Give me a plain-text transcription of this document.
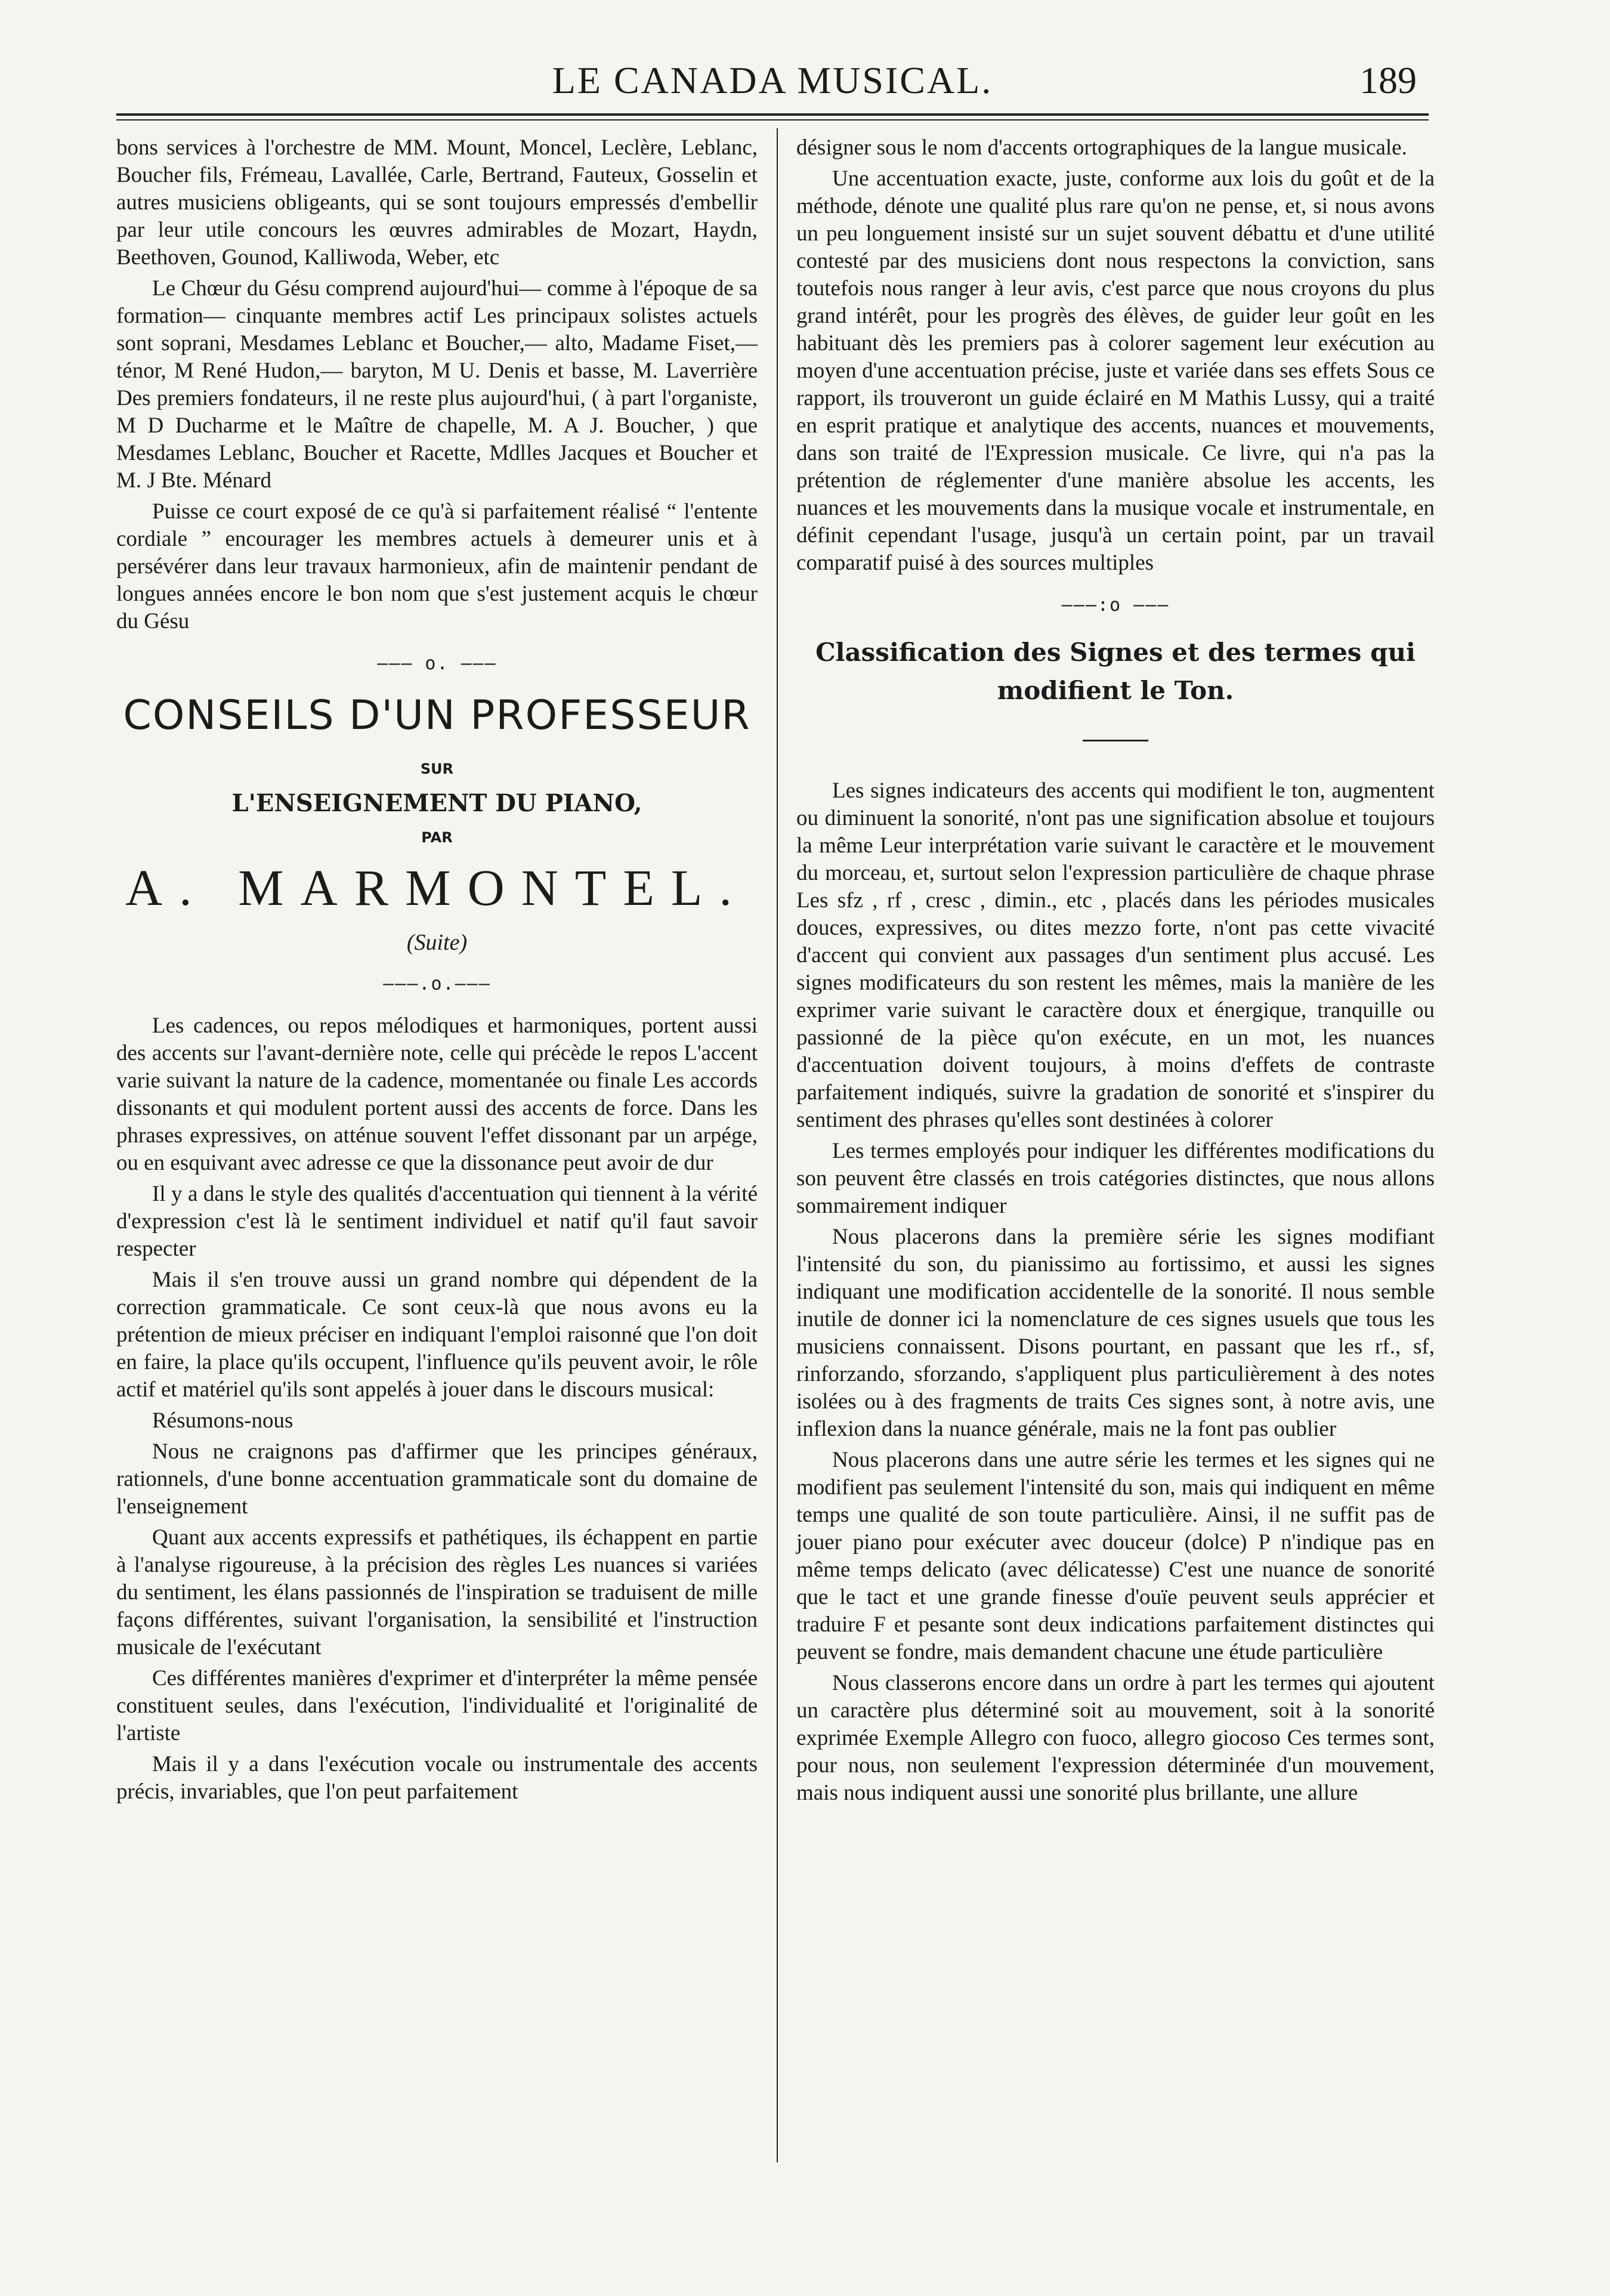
LE CANADA MUSICAL.	189

bons services à l'orchestre de MM. Mount, Moncel, Leclère, Leblanc, Boucher fils, Frémeau, Lavallée, Carle, Bertrand, Fauteux, Gosselin et autres musiciens obligeants, qui se sont toujours empressés d'embellir par leur utile concours les œuvres admirables de Mozart, Haydn, Beethoven, Gounod, Kalliwoda, Weber, etc

Le Chœur du Gésu comprend aujourd'hui— comme à l'époque de sa formation— cinquante membres actif Les principaux solistes actuels sont soprani, Mesdames Leblanc et Boucher,— alto, Madame Fiset,— ténor, M René Hudon,— baryton, M U. Denis et basse, M. Laverrière Des premiers fondateurs, il ne reste plus aujourd'hui, ( à part l'organiste, M D Ducharme et le Maître de chapelle, M. A J. Boucher, ) que Mesdames Leblanc, Boucher et Racette, Mdlles Jacques et Boucher et M. J Bte. Ménard

Puisse ce court exposé de ce qu'à si parfaitement réalisé “ l'entente cordiale ” encourager les membres actuels à demeurer unis et à persévérer dans leur travaux harmonieux, afin de maintenir pendant de longues années encore le bon nom que s'est justement acquis le chœur du Gésu

——— o. ———
CONSEILS D'UN PROFESSEUR
SUR
L'ENSEIGNEMENT DU PIANO,
PAR
A. MARMONTEL.
(Suite)
———.o.———

Les cadences, ou repos mélodiques et harmoniques, portent aussi des accents sur l'avant-dernière note, celle qui précède le repos L'accent varie suivant la nature de la cadence, momentanée ou finale Les accords dissonants et qui modulent portent aussi des accents de force. Dans les phrases expressives, on atténue souvent l'effet dissonant par un arpége, ou en esquivant avec adresse ce que la dissonance peut avoir de dur

Il y a dans le style des qualités d'accentuation qui tiennent à la vérité d'expression c'est là le sentiment individuel et natif qu'il faut savoir respecter

Mais il s'en trouve aussi un grand nombre qui dépendent de la correction grammaticale. Ce sont ceux-là que nous avons eu la prétention de mieux préciser en indiquant l'emploi raisonné que l'on doit en faire, la place qu'ils occupent, l'influence qu'ils peuvent avoir, le rôle actif et matériel qu'ils sont appelés à jouer dans le discours musical:

Résumons-nous

Nous ne craignons pas d'affirmer que les principes généraux, rationnels, d'une bonne accentuation grammaticale sont du domaine de l'enseignement

Quant aux accents expressifs et pathétiques, ils échappent en partie à l'analyse rigoureuse, à la précision des règles Les nuances si variées du sentiment, les élans passionnés de l'inspiration se traduisent de mille façons différentes, suivant l'organisation, la sensibilité et l'instruction musicale de l'exécutant

Ces différentes manières d'exprimer et d'interpréter la même pensée constituent seules, dans l'exécution, l'individualité et l'originalité de l'artiste

Mais il y a dans l'exécution vocale ou instrumentale des accents précis, invariables, que l'on peut parfaitement

désigner sous le nom d'accents ortographiques de la langue musicale.

Une accentuation exacte, juste, conforme aux lois du goût et de la méthode, dénote une qualité plus rare qu'on ne pense, et, si nous avons un peu longuement insisté sur un sujet souvent débattu et d'une utilité contesté par des musiciens dont nous respectons la conviction, sans toutefois nous ranger à leur avis, c'est parce que nous croyons du plus grand intérêt, pour les progrès des élèves, de guider leur goût en les habituant dès les premiers pas à colorer sagement leur exécution au moyen d'une accentuation précise, juste et variée dans ses effets Sous ce rapport, ils trouveront un guide éclairé en M Mathis Lussy, qui a traité en esprit pratique et analytique des accents, nuances et mouvements, dans son traité de l'Expression musicale. Ce livre, qui n'a pas la prétention de réglementer d'une manière absolue les accents, les nuances et les mouvements dans la musique vocale et instrumentale, en définit cependant l'usage, jusqu'à un certain point, par un travail comparatif puisé à des sources multiples

———:o ———
Classification des Signes et des termes qui modifient le Ton.

Les signes indicateurs des accents qui modifient le ton, augmentent ou diminuent la sonorité, n'ont pas une signification absolue et toujours la même Leur interprétation varie suivant le caractère et le mouvement du morceau, et, surtout selon l'expression particulière de chaque phrase Les sfz , rf , cresc , dimin., etc , placés dans les périodes musicales douces, expressives, ou dites mezzo forte, n'ont pas cette vivacité d'accent qui convient aux passages d'un sentiment plus accusé. Les signes modificateurs du son restent les mêmes, mais la manière de les exprimer varie suivant le caractère doux et énergique, tranquille ou passionné de la pièce qu'on exécute, en un mot, les nuances d'accentuation doivent toujours, à moins d'effets de contraste parfaitement indiqués, suivre la gradation de sonorité et s'inspirer du sentiment des phrases qu'elles sont destinées à colorer

Les termes employés pour indiquer les différentes modifications du son peuvent être classés en trois catégories distinctes, que nous allons sommairement indiquer

Nous placerons dans la première série les signes modifiant l'intensité du son, du pianissimo au fortissimo, et aussi les signes indiquant une modification accidentelle de la sonorité. Il nous semble inutile de donner ici la nomenclature de ces signes usuels que tous les musiciens connaissent. Disons pourtant, en passant que les rf., sf, rinforzando, sforzando, s'appliquent plus particulièrement à des notes isolées ou à des fragments de traits Ces signes sont, à notre avis, une inflexion dans la nuance générale, mais ne la font pas oublier

Nous placerons dans une autre série les termes et les signes qui ne modifient pas seulement l'intensité du son, mais qui indiquent en même temps une qualité de son toute particulière. Ainsi, il ne suffit pas de jouer piano pour exécuter avec douceur (dolce) P n'indique pas en même temps delicato (avec délicatesse) C'est une nuance de sonorité que le tact et une grande finesse d'ouïe peuvent seuls apprécier et traduire F et pesante sont deux indications parfaitement distinctes qui peuvent se fondre, mais demandent chacune une étude particulière

Nous classerons encore dans un ordre à part les termes qui ajoutent un caractère plus déterminé soit au mouvement, soit à la sonorité exprimée Exemple Allegro con fuoco, allegro giocoso Ces termes sont, pour nous, non seulement l'expression déterminée d'un mouvement, mais nous indiquent aussi une sonorité plus brillante, une allure
